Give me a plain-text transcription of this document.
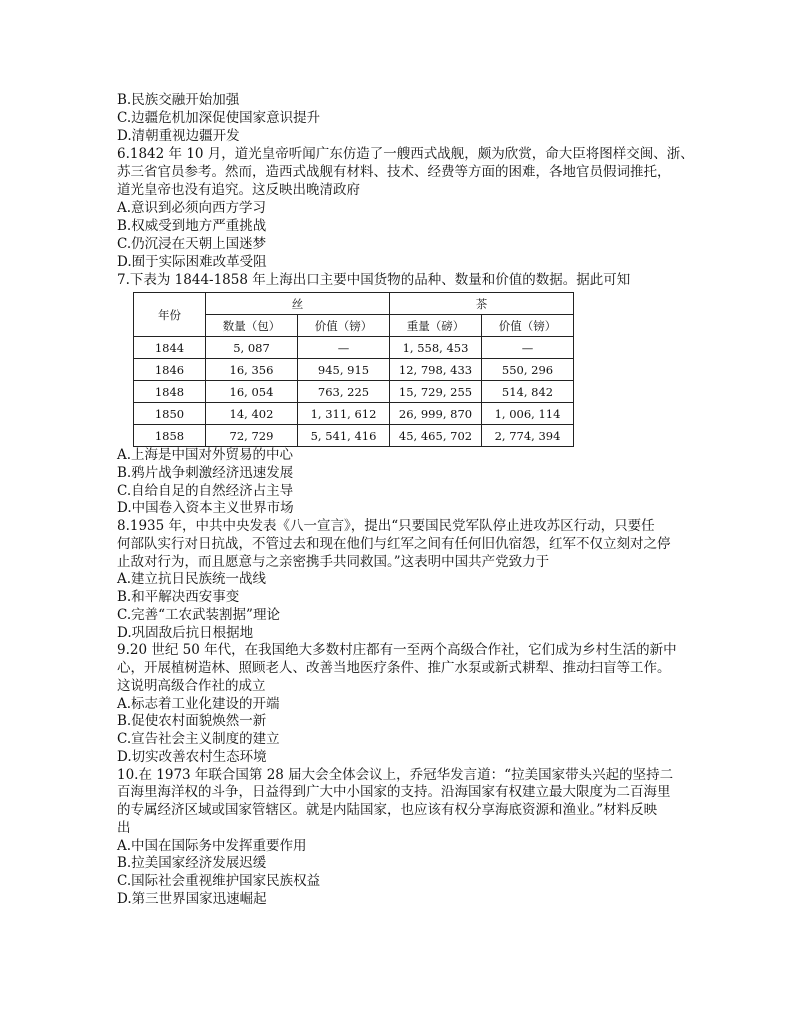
B.民族交融开始加强
C.边疆危机加深促使国家意识提升
D.清朝重视边疆开发
6.1842 年 10 月，道光皇帝听闻广东仿造了一艘西式战舰，颇为欣赏，命大臣将图样交闽、浙、
苏三省官员参考。然而，造西式战舰有材料、技术、经费等方面的困难，各地官员假词推托，
道光皇帝也没有追究。这反映出晚清政府
A.意识到必须向西方学习
B.权威受到地方严重挑战
C.仍沉浸在天朝上国迷梦
D.囿于实际困难改革受阻
7.下表为 1844-1858 年上海出口主要中国货物的品种、数量和价值的数据。据此可知
年份	丝		茶	
	数量（包）	价值（镑）	重量（磅）	价值（镑）
1844	5, 087	—	1, 558, 453	—
1846	16, 356	945, 915	12, 798, 433	550, 296
1848	16, 054	763, 225	15, 729, 255	514, 842
1850	14, 402	1, 311, 612	26, 999, 870	1, 006, 114
1858	72, 729	5, 541, 416	45, 465, 702	2, 774, 394
A.上海是中国对外贸易的中心
B.鸦片战争刺激经济迅速发展
C.自给自足的自然经济占主导
D.中国卷入资本主义世界市场
8.1935 年，中共中央发表《八一宣言》，提出“只要国民党军队停止进攻苏区行动，只要任
何部队实行对日抗战，不管过去和现在他们与红军之间有任何旧仇宿怨，红军不仅立刻对之停
止敌对行为，而且愿意与之亲密携手共同救国。”这表明中国共产党致力于
A.建立抗日民族统一战线
B.和平解决西安事变
C.完善“工农武装割据”理论
D.巩固敌后抗日根据地
9.20 世纪 50 年代，在我国绝大多数村庄都有一至两个高级合作社，它们成为乡村生活的新中
心，开展植树造林、照顾老人、改善当地医疗条件、推广水泵或新式耕犁、推动扫盲等工作。
这说明高级合作社的成立
A.标志着工业化建设的开端
B.促使农村面貌焕然一新
C.宣告社会主义制度的建立
D.切实改善农村生态环境
10.在 1973 年联合国第 28 届大会全体会议上，乔冠华发言道：“拉美国家带头兴起的坚持二
百海里海洋权的斗争，日益得到广大中小国家的支持。沿海国家有权建立最大限度为二百海里
的专属经济区域或国家管辖区。就是内陆国家，也应该有权分享海底资源和渔业。”材料反映
出
A.中国在国际务中发挥重要作用
B.拉美国家经济发展迟缓
C.国际社会重视维护国家民族权益
D.第三世界国家迅速崛起
